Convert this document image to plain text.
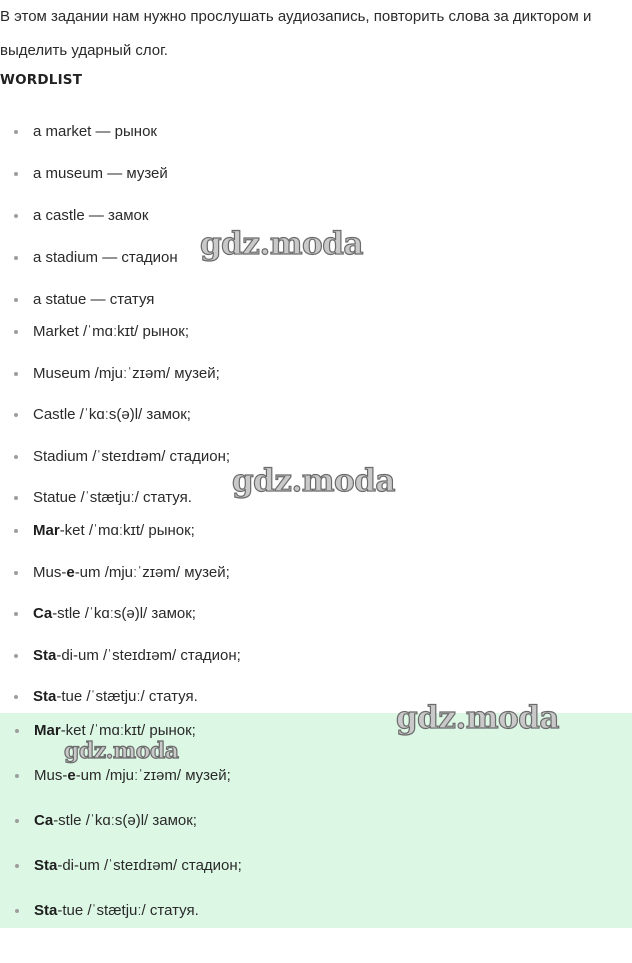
В этом задании нам нужно прослушать аудиозапись, повторить слова за диктором и выделить ударный слог.

WORDLIST
a market — рынок
a museum — музей
a castle — замок
a stadium — стадион
a statue — статуя
Market /ˈmɑːkɪt/ рынок;
Museum /mjuːˈzɪəm/ музей;
Castle /ˈkɑːs(ə)l/ замок;
Stadium /ˈsteɪdɪəm/ стадион;
Statue /ˈstætjuː/ статуя.
Mar-ket /ˈmɑːkɪt/ рынок;
Mus-e-um /mjuːˈzɪəm/ музей;
Ca-stle /ˈkɑːs(ə)l/ замок;
Sta-di-um /ˈsteɪdɪəm/ стадион;
Sta-tue /ˈstætjuː/ статуя.
Mar-ket /ˈmɑːkɪt/ рынок;
Mus-e-um /mjuːˈzɪəm/ музей;
Ca-stle /ˈkɑːs(ə)l/ замок;
Sta-di-um /ˈsteɪdɪəm/ стадион;
Sta-tue /ˈstætjuː/ статуя.
gdz.moda
gdz.moda
gdz.moda
gdz.moda
